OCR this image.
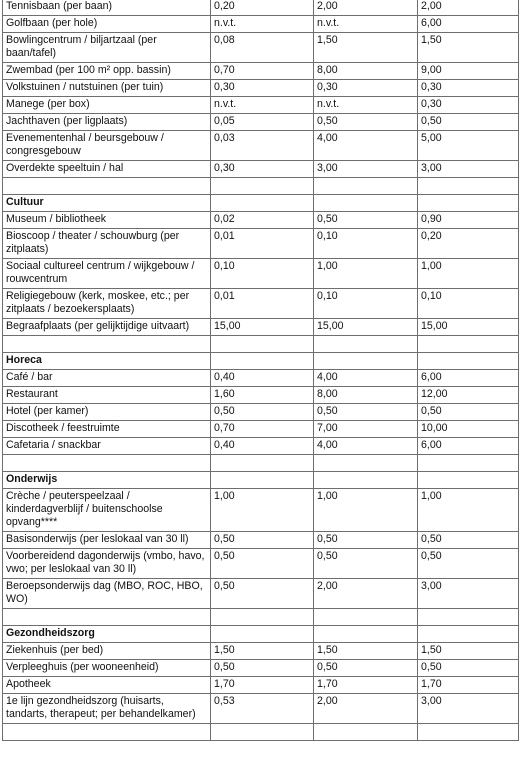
Tennisbaan (per baan)	0,20	2,00	2,00
Golfbaan (per hole)	n.v.t.	n.v.t.	6,00
Bowlingcentrum / biljartzaal (per baan/tafel)	0,08	1,50	1,50
Zwembad (per 100 m² opp. bassin)	0,70	8,00	9,00
Volkstuinen / nutstuinen (per tuin)	0,30	0,30	0,30
Manege (per box)	n.v.t.	n.v.t.	0,30
Jachthaven (per ligplaats)	0,05	0,50	0,50
Evenementenhal / beursgebouw / congresgebouw	0,03	4,00	5,00
Overdekte speeltuin / hal	0,30	3,00	3,00

Cultuur			
Museum / bibliotheek	0,02	0,50	0,90
Bioscoop / theater / schouwburg (per zitplaats)	0,01	0,10	0,20
Sociaal cultureel centrum / wijkgebouw / rouwcentrum	0,10	1,00	1,00
Religiegebouw (kerk, moskee, etc.; per zitplaats / bezoekersplaats)	0,01	0,10	0,10
Begraafplaats (per gelijktijdige uitvaart)	15,00	15,00	15,00

Horeca			
Café / bar	0,40	4,00	6,00
Restaurant	1,60	8,00	12,00
Hotel (per kamer)	0,50	0,50	0,50
Discotheek / feestruimte	0,70	7,00	10,00
Cafetaria / snackbar	0,40	4,00	6,00

Onderwijs			
Crèche / peuterspeelzaal / kinderdagverblijf / buitenschoolse opvang****	1,00	1,00	1,00
Basisonderwijs (per leslokaal van 30 ll)	0,50	0,50	0,50
Voorbereidend dagonderwijs (vmbo, havo, vwo; per leslokaal van 30 ll)	0,50	0,50	0,50
Beroepsonderwijs dag (MBO, ROC, HBO, WO)	0,50	2,00	3,00

Gezondheidszorg			
Ziekenhuis (per bed)	1,50	1,50	1,50
Verpleeghuis (per wooneenheid)	0,50	0,50	0,50
Apotheek	1,70	1,70	1,70
1e lijn gezondheidszorg (huisarts, tandarts, therapeut; per behandelkamer)	0,53	2,00	3,00
